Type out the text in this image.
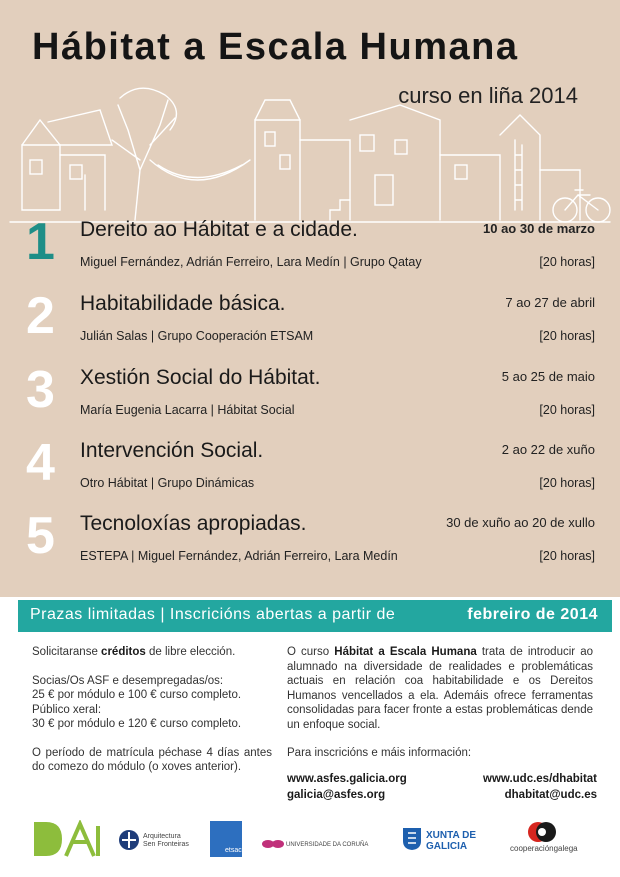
Hábitat a Escala Humana
curso en liña 2014
1 Dereito ao Hábitat e a cidade.	10 ao 30 de marzo
Miguel Fernández, Adrián Ferreiro, Lara Medín | Grupo Qatay	[20 horas]
2 Habitabilidade básica.	7 ao 27 de abril
Julián Salas | Grupo Cooperación ETSAM	[20 horas]
3 Xestión Social do Hábitat.	5 ao 25 de maio
María Eugenia Lacarra | Hábitat Social	[20 horas]
4 Intervención Social.	2 ao 22 de xuño
Otro Hábitat | Grupo Dinámicas	[20 horas]
5 Tecnoloxías apropiadas.	30 de xuño ao 20 de xullo
ESTEPA | Miguel Fernández, Adrián Ferreiro, Lara Medín	[20 horas]
Prazas limitadas | Inscricións abertas a partir de	febreiro de 2014

Solicitaranse créditos de libre elección.

Socias/Os ASF e desempregadas/os:
25 € por módulo e 100 € curso completo.
Público xeral:
30 € por módulo e 120 € curso completo.

O período de matrícula péchase 4 días antes do comezo do módulo (o xoves anterior).

O curso Hábitat a Escala Humana trata de introducir ao alumnado na diversidade de realidades e problemáticas actuais en relación coa habitabilidade e os Dereitos Humanos vencellados a ela. Ademáis ofrece ferramentas consolidadas para facer fronte a estas problemáticas dende un enfoque social.

Para inscricións e máis información:

www.asfes.galicia.org	www.udc.es/dhabitat
galicia@asfes.org	dhabitat@udc.es
Arquitectura Sen Fronteiras
etsac
UNIVERSIDADE DA CORUÑA
XUNTA DE GALICIA	cooperacióngalega
